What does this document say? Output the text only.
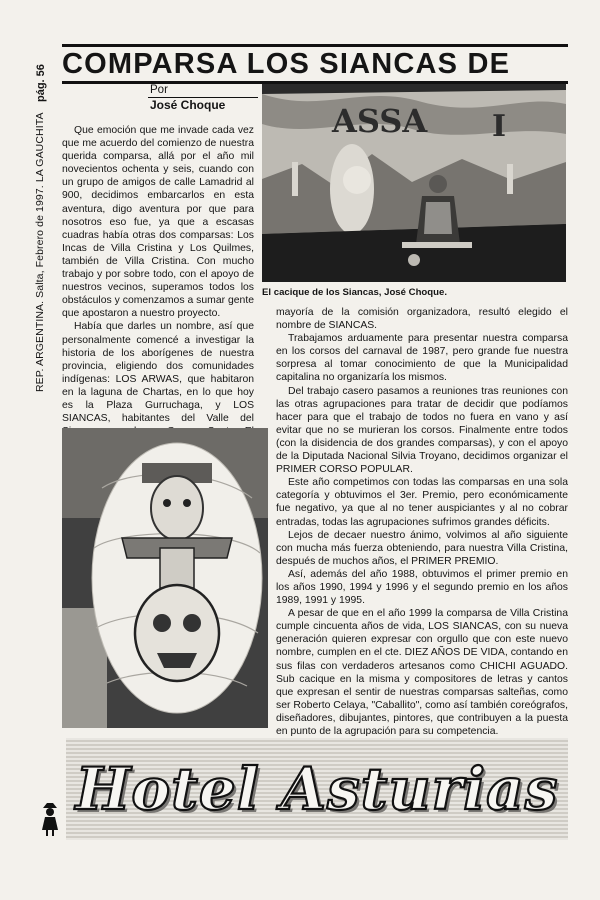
pág. 56
REP. ARGENTINA. Salta, Febrero de 1997. LA GAUCHITA
COMPARSA LOS SIANCAS DE
Por
José Choque

Que emoción que me invade cada vez que me acuerdo del comienzo de nuestra querida comparsa, allá por el año mil novecientos ochenta y seis, cuando con un grupo de amigos de calle Lamadrid al 900, decidimos embarcarlos en esta aventura, digo aventura por que para nosotros eso fue, ya que a escasas cuadras había otras dos comparsas: Los Incas de Villa Cristina y Los Quilmes, también de Villa Cristina. Con mucho trabajo y por sobre todo, con el apoyo de nuestros vecinos, superamos todos los obstáculos y comenzamos a sumar gente que apostaron a nuestro proyecto.

Había que darles un nombre, así que personalmente comencé a investigar la historia de los aborígenes de nuestra provincia, eligiendo dos comunidades indígenas: LOS ARWAS, que habitaron en la laguna de Chartas, en lo que hoy es la Plaza Gurruchaga, y LOS SIANCAS, habitantes del Valle del

ASSA I
El cacique de los Siancas, José Choque.

mayoría de la comisión organizadora, resultó elegido el nombre de SIANCAS.

Trabajamos arduamente para presentar nuestra comparsa en los corsos del carnaval de 1987, pero grande fue nuestra sorpresa al tomar conocimiento de que la Municipalidad capitalina no organizaría los mismos.

Del trabajo casero pasamos a reuniones tras reuniones con las otras agrupaciones para tratar de decidir que podíamos hacer para que el trabajo de todos no fuera en vano y así evitar que no se murieran los corsos. Finalmente entre todos (con la disidencia de dos grandes comparsas), y con el apoyo de la Diputada Nacional Silvia Troyano, decidimos organizar el PRIMER CORSO POPULAR.

Este año competimos con todas las comparsas en una sola categoría y obtuvimos el 3er. Premio, pero económicamente fue negativo, ya que al no tener auspiciantes y al no cobrar entradas, todas las agrupaciones sufrimos grandes déficits.

Lejos de decaer nuestro ánimo, volvimos al año siguiente con mucha más fuerza obteniendo, para nuestra Villa Cristina, después de muchos años, el PRIMER PREMIO.

Así, además del año 1988, obtuvimos el primer premio en los años 1990, 1994 y 1996 y el segundo premio en los años 1989, 1991 y 1995.

A pesar de que en el año 1999 la comparsa de Villa Cristina cumple cincuenta años de vida, LOS SIANCAS, con su nueva generación quieren expresar con orgullo que con este nuevo nombre, cumplen en el cte. DIEZ AÑOS DE VIDA, contando en sus filas con verdaderos artesanos como CHICHI AGUADO. Sub cacique en la misma y compositores de letras y cantos que expresan el sentir de nuestras comparsas salteñas, como ser Roberto Celaya, "Caballito", como así también coreógrafos, diseñadores, dibujantes, pintores, que contribuyen a la puesta en punto de la agrupación para su competencia.

Hotel Asturias
